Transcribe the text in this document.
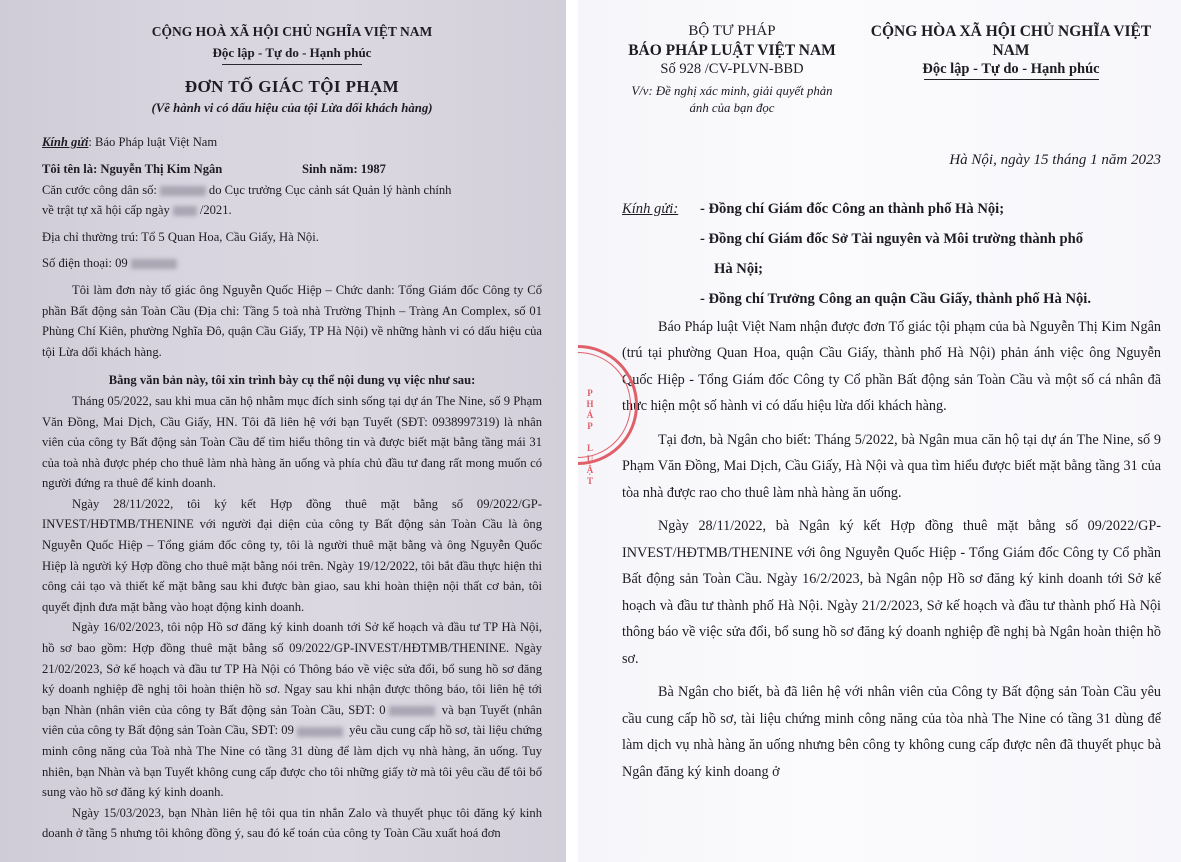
CỘNG HOÀ XÃ HỘI CHỦ NGHĨA VIỆT NAM
Độc lập - Tự do - Hạnh phúc
ĐƠN TỐ GIÁC TỘI PHẠM
(Về hành vi có dấu hiệu của tội Lừa dối khách hàng)

Kính gửi: Báo Pháp luật Việt Nam

Tôi tên là: Nguyễn Thị Kim Ngân	Sinh năm: 1987

Căn cước công dân số:	do Cục trưởng Cục cảnh sát Quản lý hành chính

về trật tự xã hội cấp ngày /2021.

Địa chỉ thường trú: Tổ 5 Quan Hoa, Cầu Giấy, Hà Nội.

Số điện thoại: 09

Tôi làm đơn này tố giác ông Nguyễn Quốc Hiệp – Chức danh: Tổng Giám đốc Công ty Cổ phần Bất động sản Toàn Cầu (Địa chỉ: Tầng 5 toà nhà Trường Thịnh – Tràng An Complex, số 01 Phùng Chí Kiên, phường Nghĩa Đô, quận Cầu Giấy, TP Hà Nội) về những hành vi có dấu hiệu của tội Lừa dối khách hàng.

Bằng văn bản này, tôi xin trình bày cụ thể nội dung vụ việc như sau:

Tháng 05/2022, sau khi mua căn hộ nhằm mục đích sinh sống tại dự án The Nine, số 9 Phạm Văn Đồng, Mai Dịch, Cầu Giấy, HN. Tôi đã liên hệ với bạn Tuyết (SĐT: 0938997319) là nhân viên của công ty Bất động sản Toàn Cầu để tìm hiểu thông tin và được biết mặt bằng tầng mái 31 của toà nhà được phép cho thuê làm nhà hàng ăn uống và phía chủ đầu tư đang rất mong muốn có người đứng ra thuê để kinh doanh.

Ngày 28/11/2022, tôi ký kết Hợp đồng thuê mặt bằng số 09/2022/GP-INVEST/HĐTMB/THENINE với người đại diện của công ty Bất động sản Toàn Cầu là ông Nguyễn Quốc Hiệp – Tổng giám đốc công ty, tôi là người thuê mặt bằng và ông Nguyễn Quốc Hiệp là người ký Hợp đồng cho thuê mặt bằng nói trên. Ngày 19/12/2022, tôi bắt đầu thực hiện thi công cải tạo và thiết kế mặt bằng sau khi được bàn giao, sau khi hoàn thiện nội thất cơ bản, tôi quyết định đưa mặt bằng vào hoạt động kinh doanh.

Ngày 16/02/2023, tôi nộp Hồ sơ đăng ký kinh doanh tới Sở kế hoạch và đầu tư TP Hà Nội, hồ sơ bao gồm: Hợp đồng thuê mặt bằng số 09/2022/GP-INVEST/HĐTMB/THENINE. Ngày 21/02/2023, Sở kế hoạch và đầu tư TP Hà Nội có Thông báo về việc sửa đổi, bổ sung hồ sơ đăng ký doanh nghiệp đề nghị tôi hoàn thiện hồ sơ. Ngay sau khi nhận được thông báo, tôi liên hệ tới bạn Nhàn (nhân viên của công ty Bất động sản Toàn Cầu, SĐT: 0	và bạn Tuyết (nhân viên của công ty Bất động sản Toàn Cầu, SĐT: 09	yêu cầu cung cấp hồ sơ, tài liệu chứng minh công năng của Toà nhà The Nine có tầng 31 dùng để làm dịch vụ nhà hàng, ăn uống. Tuy nhiên, bạn Nhàn và bạn Tuyết không cung cấp được cho tôi những giấy tờ mà tôi yêu cầu để tôi bổ sung vào hồ sơ đăng ký kinh doanh.

Ngày 15/03/2023, bạn Nhàn liên hệ tôi qua tin nhắn Zalo và thuyết phục tôi đăng ký kinh doanh ở tầng 5 nhưng tôi không đồng ý, sau đó kế toán của công ty Toàn Cầu xuất hoá đơn

P
H
Á
P

L
U
Ậ
T
BỘ TƯ PHÁP
BÁO PHÁP LUẬT VIỆT NAM
Số 928 /CV-PLVN-BBD
V/v: Đề nghị xác minh, giải quyết phản ánh của bạn đọc
CỘNG HÒA XÃ HỘI CHỦ NGHĨA VIỆT NAM
Độc lập - Tự do - Hạnh phúc
Hà Nội, ngày 15 tháng 1 năm 2023
Kính gửi:	- Đồng chí Giám đốc Công an thành phố Hà Nội;
- Đồng chí Giám đốc Sở Tài nguyên và Môi trường thành phố
Hà Nội;
- Đồng chí Trưởng Công an quận Cầu Giấy, thành phố Hà Nội.

Báo Pháp luật Việt Nam nhận được đơn Tố giác tội phạm của bà Nguyễn Thị Kim Ngân (trú tại phường Quan Hoa, quận Cầu Giấy, thành phố Hà Nội) phản ánh việc ông Nguyễn Quốc Hiệp - Tổng Giám đốc Công ty Cổ phần Bất động sản Toàn Cầu và một số cá nhân đã thực hiện một số hành vi có dấu hiệu lừa dối khách hàng.

Tại đơn, bà Ngân cho biết: Tháng 5/2022, bà Ngân mua căn hộ tại dự án The Nine, số 9 Phạm Văn Đồng, Mai Dịch, Cầu Giấy, Hà Nội và qua tìm hiểu được biết mặt bằng tầng 31 của tòa nhà được rao cho thuê làm nhà hàng ăn uống.

Ngày 28/11/2022, bà Ngân ký kết Hợp đồng thuê mặt bằng số 09/2022/GP-INVEST/HĐTMB/THENINE với ông Nguyễn Quốc Hiệp - Tổng Giám đốc Công ty Cổ phần Bất động sản Toàn Cầu. Ngày 16/2/2023, bà Ngân nộp Hồ sơ đăng ký kinh doanh tới Sở kế hoạch và đầu tư thành phố Hà Nội. Ngày 21/2/2023, Sở kế hoạch và đầu tư thành phố Hà Nội thông báo về việc sửa đổi, bổ sung hồ sơ đăng ký doanh nghiệp đề nghị bà Ngân hoàn thiện hồ sơ.

Bà Ngân cho biết, bà đã liên hệ với nhân viên của Công ty Bất động sản Toàn Cầu yêu cầu cung cấp hồ sơ, tài liệu chứng minh công năng của tòa nhà The Nine có tầng 31 dùng để làm dịch vụ nhà hàng ăn uống nhưng bên công ty không cung cấp được nên đã thuyết phục bà Ngân đăng ký kinh doang ở
